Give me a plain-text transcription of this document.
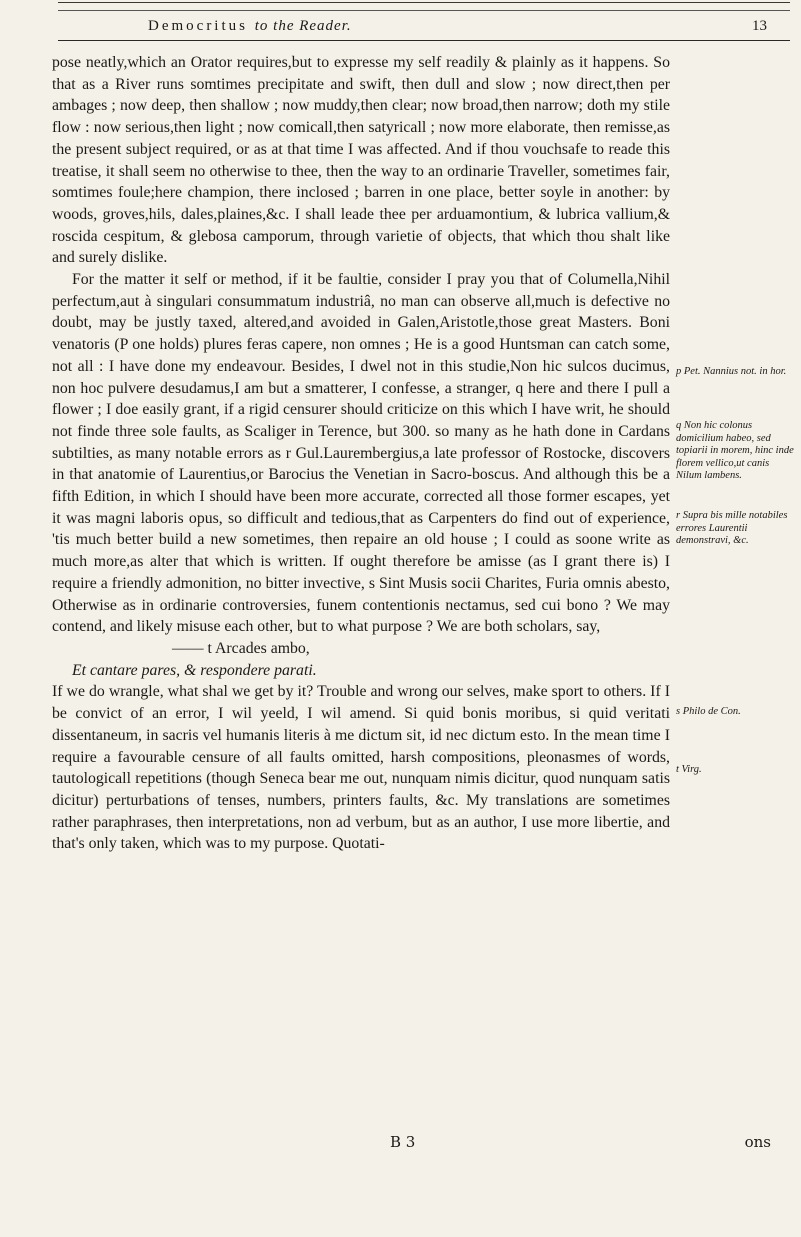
Democritus to the Reader.	13

pose neatly,which an Orator requires,but to expresse my self readily & plainly as it happens. So that as a River runs somtimes precipitate and swift, then dull and slow ; now direct,then per ambages ; now deep, then shallow ; now muddy,then clear; now broad,then narrow; doth my stile flow : now serious,then light ; now comicall,then satyricall ; now more elaborate, then remisse,as the present subject required, or as at that time I was affected. And if thou vouchsafe to reade this treatise, it shall seem no otherwise to thee, then the way to an ordinarie Traveller, sometimes fair, somtimes foule;here champion, there inclosed ; barren in one place, better soyle in another: by woods, groves,hils, dales,plaines,&c. I shall leade thee per arduamontium, & lubrica vallium,& roscida cespitum, & glebosa camporum, through varietie of objects, that which thou shalt like and surely dislike.

For the matter it self or method, if it be faultie, consider I pray you that of Columella,Nihil perfectum,aut à singulari consummatum industriâ, no man can observe all,much is defective no doubt, may be justly taxed, altered,and avoided in Galen,Aristotle,those great Masters. Boni venatoris (P one holds) plures feras capere, non omnes ; He is a good Huntsman can catch some, not all : I have done my endeavour. Besides, I dwel not in this studie,Non hic sulcos ducimus, non hoc pulvere desudamus,I am but a smatterer, I confesse, a stranger, q here and there I pull a flower ; I doe easily grant, if a rigid censurer should criticize on this which I have writ, he should not finde three sole faults, as Scaliger in Terence, but 300. so many as he hath done in Cardans subtilties, as many notable errors as r Gul.Laurembergius,a late professor of Rostocke, discovers in that anatomie of Laurentius,or Barocius the Venetian in Sacro-boscus. And although this be a fifth Edition, in which I should have been more accurate, corrected all those former escapes, yet it was magni laboris opus, so difficult and tedious,that as Carpenters do find out of experience, 'tis much better build a new sometimes, then repaire an old house ; I could as soone write as much more,as alter that which is written. If ought therefore be amisse (as I grant there is) I require a friendly admonition, no bitter invective, s Sint Musis socii Charites, Furia omnis abesto, Otherwise as in ordinarie controversies, funem contentionis nectamus, sed cui bono ? We may contend, and likely misuse each other, but to what purpose ? We are both scholars, say,

—— t Arcades ambo,
Et cantare pares, & respondere parati.

If we do wrangle, what shal we get by it? Trouble and wrong our selves, make sport to others. If I be convict of an error, I wil yeeld, I wil amend. Si quid bonis moribus, si quid veritati dissentaneum, in sacris vel humanis literis à me dictum sit, id nec dictum esto. In the mean time I require a favourable censure of all faults omitted, harsh compositions, pleonasmes of words, tautologicall repetitions (though Seneca bear me out, nunquam nimis dicitur, quod nunquam satis dicitur) perturbations of tenses, numbers, printers faults, &c. My translations are sometimes rather paraphrases, then interpretations, non ad verbum, but as an author, I use more libertie, and that's only taken, which was to my purpose. Quotati-

p Pet. Nannius not. in hor.
q Non hic colonus domicilium habeo, sed topiarii in morem, hinc inde florem vellico,ut canis Nilum lambens.
r Supra bis mille notabiles errores Laurentii demonstravi, &c.
s Philo de Con.
t Virg.
B 3	ons
